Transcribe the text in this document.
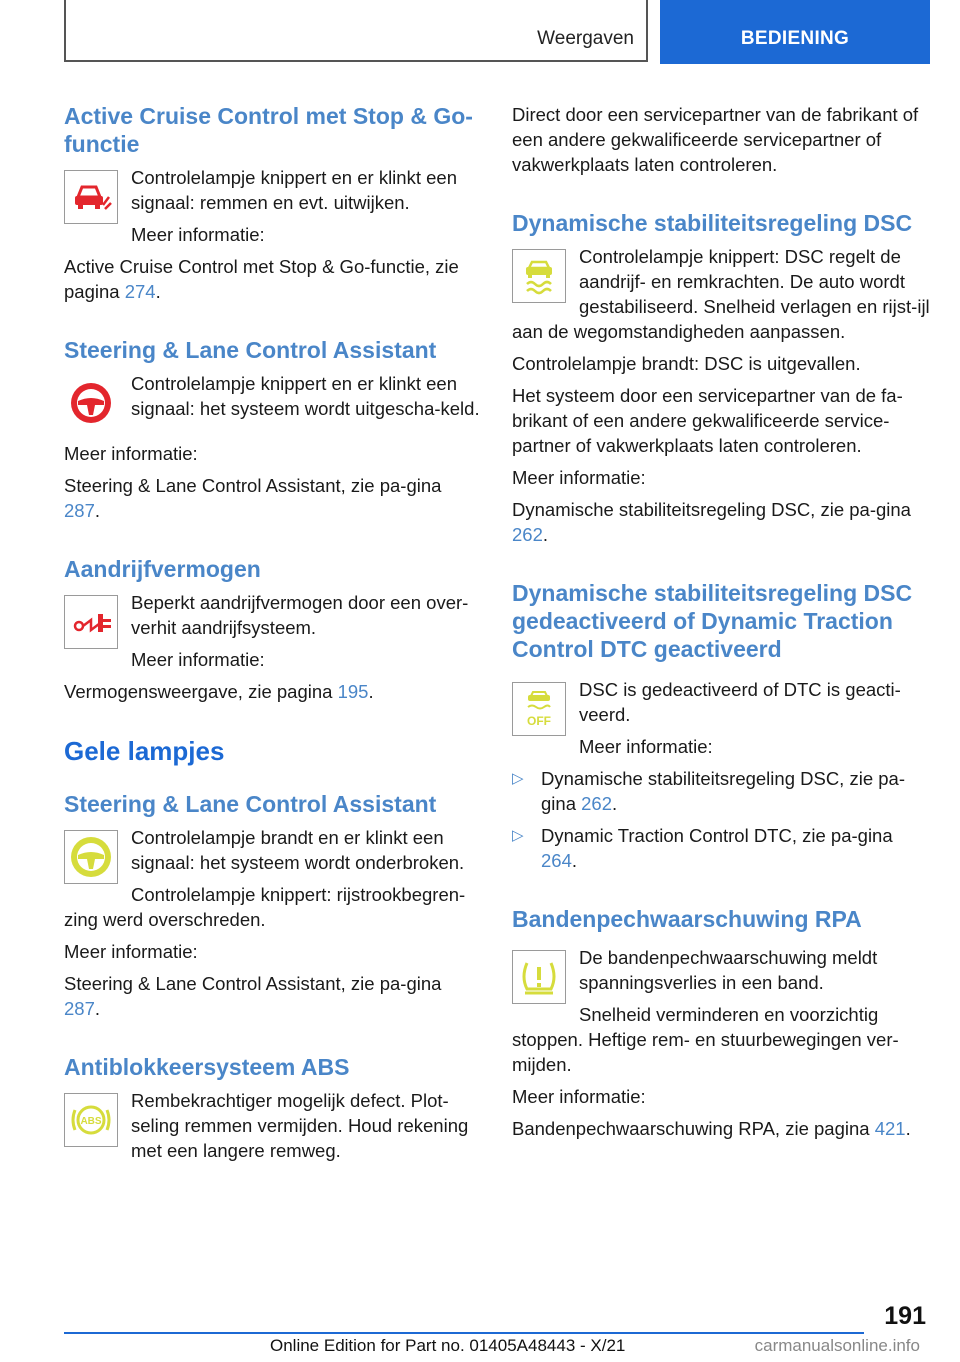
Weergaven	BEDIENING
Active Cruise Control met Stop & Go-functie

Controlelampje knippert en er klinkt een signaal: remmen en evt. uitwijken.

Meer informatie:

Active Cruise Control met Stop & Go-functie, zie pagina 274.

Steering & Lane Control Assistant

Controlelampje knippert en er klinkt een signaal: het systeem wordt uitgescha-keld.

Meer informatie:

Steering & Lane Control Assistant, zie pa-gina 287.

Aandrijfvermogen

Beperkt aandrijfvermogen door een over-verhit aandrijfsysteem.

Meer informatie:

Vermogensweergave, zie pagina 195.

Gele lampjes
Steering & Lane Control Assistant

Controlelampje brandt en er klinkt een signaal: het systeem wordt onderbroken.

Controlelampje knippert: rijstrookbegren-zing werd overschreden.

Meer informatie:

Steering & Lane Control Assistant, zie pa-gina 287.

Antiblokkeersysteem ABS
ABS

Rembekrachtiger mogelijk defect. Plot-seling remmen vermijden. Houd rekening met een langere remweg.

Direct door een servicepartner van de fabrikant of een andere gekwalificeerde servicepartner of vakwerkplaats laten controleren.

Dynamische stabiliteitsregeling DSC

Controlelampje knippert: DSC regelt de aandrijf- en remkrachten. De auto wordt gestabiliseerd. Snelheid verlagen en rijst-ijl aan de wegomstandigheden aanpassen.

Controlelampje brandt: DSC is uitgevallen.

Het systeem door een servicepartner van de fa-brikant of een andere gekwalificeerde service-partner of vakwerkplaats laten controleren.

Meer informatie:

Dynamische stabiliteitsregeling DSC, zie pa-gina 262.

Dynamische stabiliteitsregeling DSC gedeactiveerd of Dynamic Traction Control DTC geactiveerd
OFF

DSC is gedeactiveerd of DTC is geacti-veerd.

Meer informatie:

▷ Dynamische stabiliteitsregeling DSC, zie pa-gina 262.

▷ Dynamic Traction Control DTC, zie pa-gina 264.

Bandenpechwaarschuwing RPA

De bandenpechwaarschuwing meldt spanningsverlies in een band.

Snelheid verminderen en voorzichtig stoppen. Heftige rem- en stuurbewegingen ver-mijden.

Meer informatie:

Bandenpechwaarschuwing RPA, zie pagina 421.

191
Online Edition for Part no. 01405A48443 - X/21	carmanualsonline.info
